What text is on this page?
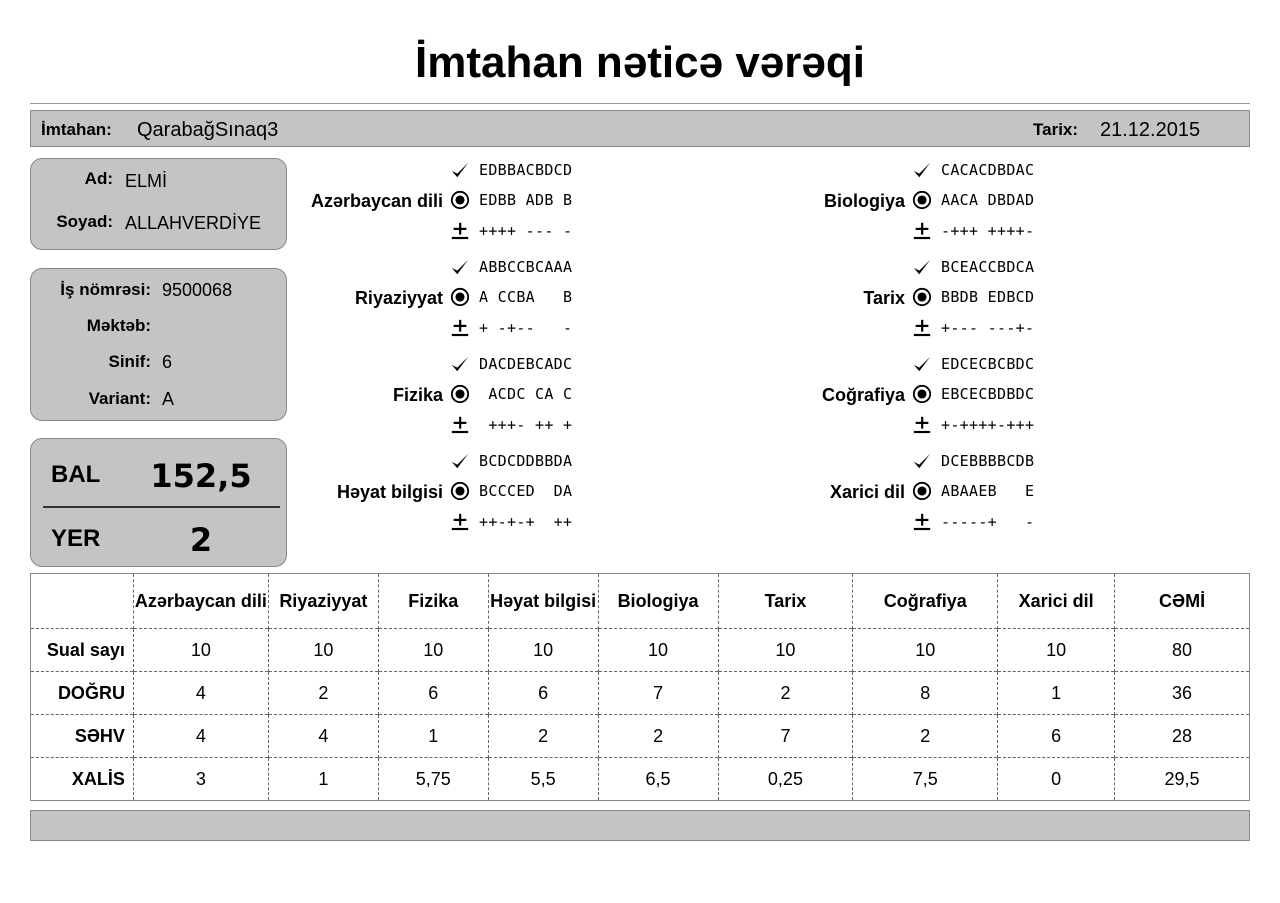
İmtahan nəticə vərəqi
İmtahan: QarabağSınaq3	Tarix: 21.12.2015
Ad: ELMİ
Soyad: ALLAHVERDİYE
İş nömrəsi: 9500068
Məktəb:
Sinif: 6
Variant: A
BAL 152,5
YER	2
Azərbaycan dili
EDBBACBDCD
EDBB ADB B
++++ --- -
Riyaziyyat
ABBCCBCAAA
A CCBA   B
+ -+--   -
Fizika
DACDEBCADC
ACDC CA C
+++- ++ +
Həyat bilgisi
BCDCDDBBDA
BCCCED  DA
++-+-+  ++
Biologiya
CACACDBDAC
AACA DBDAD
-+++ ++++-
Tarix
BCEACCBDCA
BBDB EDBCD
+--- ---+-
Coğrafiya
EDCECBCBDC
EBCECBDBDC
+-++++-+++
Xarici dil
DCEBBBBCDB
ABAAEB   E
-----+   -
	Azərbaycan dili	Riyaziyyat	Fizika	Həyat bilgisi	Biologiya	Tarix	Coğrafiya	Xarici dil	CƏMİ
Sual sayı	10	10	10	10	10	10	10	10	80
DOĞRU	4	2	6	6	7	2	8	1	36
SƏHV	4	4	1	2	2	7	2	6	28
XALİS	3	1	5,75	5,5	6,5	0,25	7,5	0	29,5
